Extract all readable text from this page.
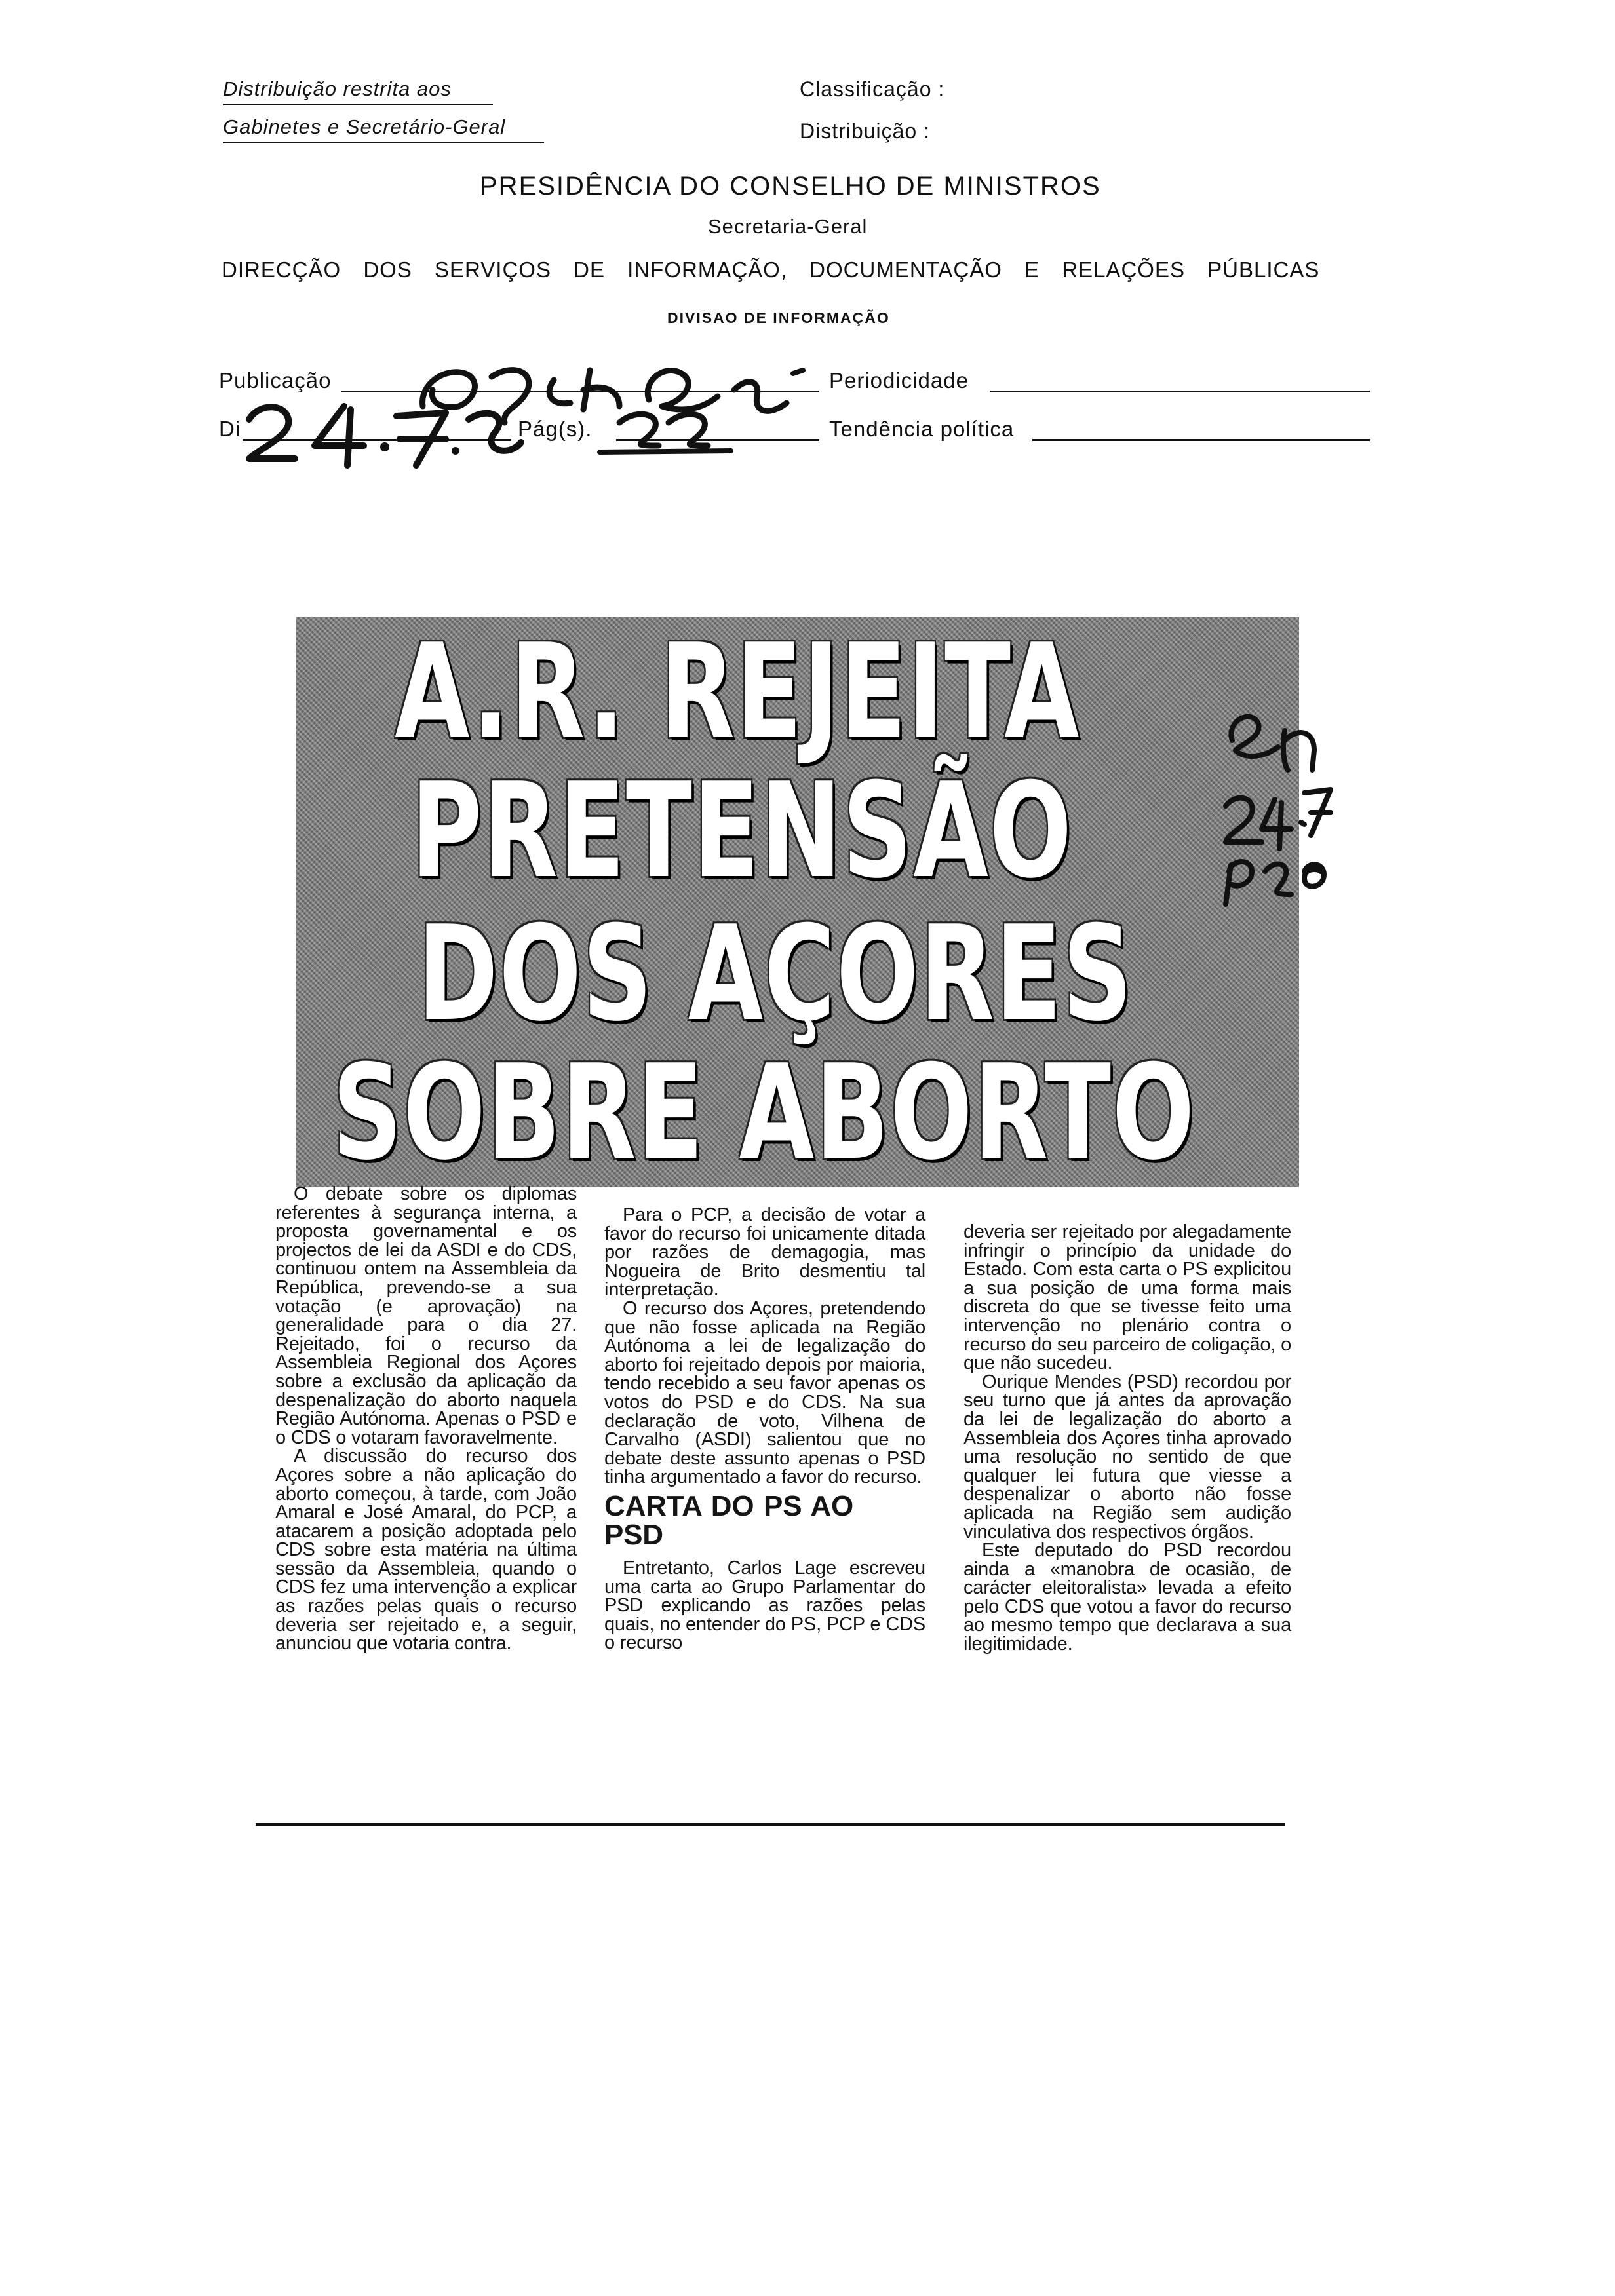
Distribuição restrita aos
Gabinetes e Secretário-Geral
Classificação :
Distribuição :
PRESIDÊNCIA DO CONSELHO DE MINISTROS
Secretaria-Geral
DIRECÇÃO DOS SERVIÇOS DE INFORMAÇÃO, DOCUMENTAÇÃO E RELAÇÕES PÚBLICAS
DIVISAO DE INFORMAÇÃO
Publicação	Periodicidade
Di	Pág(s).	Tendência política
A.R. REJEITA
PRETENSÃO
DOS AÇORES
SOBRE ABORTO

O debate sobre os diplomas referentes à segurança interna, a proposta governamental e os projectos de lei da ASDI e do CDS, continuou ontem na Assembleia da República, prevendo-se a sua votação (e aprovação) na generalidade para o dia 27. Rejeitado, foi o recurso da Assembleia Regional dos Açores sobre a exclusão da aplicação da despenalização do aborto naquela Região Autónoma. Apenas o PSD e o CDS o votaram favoravelmente.

A discussão do recurso dos Açores sobre a não aplicação do aborto começou, à tarde, com João Amaral e José Amaral, do PCP, a atacarem a posição adoptada pelo CDS sobre esta matéria na última sessão da Assembleia, quando o CDS fez uma intervenção a explicar as razões pelas quais o recurso deveria ser rejeitado e, a seguir, anunciou que votaria contra.

Para o PCP, a decisão de votar a favor do recurso foi unicamente ditada por razões de demagogia, mas Nogueira de Brito desmentiu tal interpretação.

O recurso dos Açores, pretendendo que não fosse aplicada na Região Autónoma a lei de legalização do aborto foi rejeitado depois por maioria, tendo recebido a seu favor apenas os votos do PSD e do CDS. Na sua declaração de voto, Vilhena de Carvalho (ASDI) salientou que no debate deste assunto apenas o PSD tinha argumentado a favor do recurso.

CARTA DO PS AO PSD

Entretanto, Carlos Lage escreveu uma carta ao Grupo Parlamentar do PSD explicando as razões pelas quais, no entender do PS, PCP e CDS o recurso

deveria ser rejeitado por alegadamente infringir o princípio da unidade do Estado. Com esta carta o PS explicitou a sua posição de uma forma mais discreta do que se tivesse feito uma intervenção no plenário contra o recurso do seu parceiro de coligação, o que não sucedeu.

Ourique Mendes (PSD) recordou por seu turno que já antes da aprovação da lei de legalização do aborto a Assembleia dos Açores tinha aprovado uma resolução no sentido de que qualquer lei futura que viesse a despenalizar o aborto não fosse aplicada na Região sem audição vinculativa dos respectivos órgãos.

Este deputado do PSD recordou ainda a «manobra de ocasião, de carácter eleitoralista» levada a efeito pelo CDS que votou a favor do recurso ao mesmo tempo que declarava a sua ilegitimidade.
